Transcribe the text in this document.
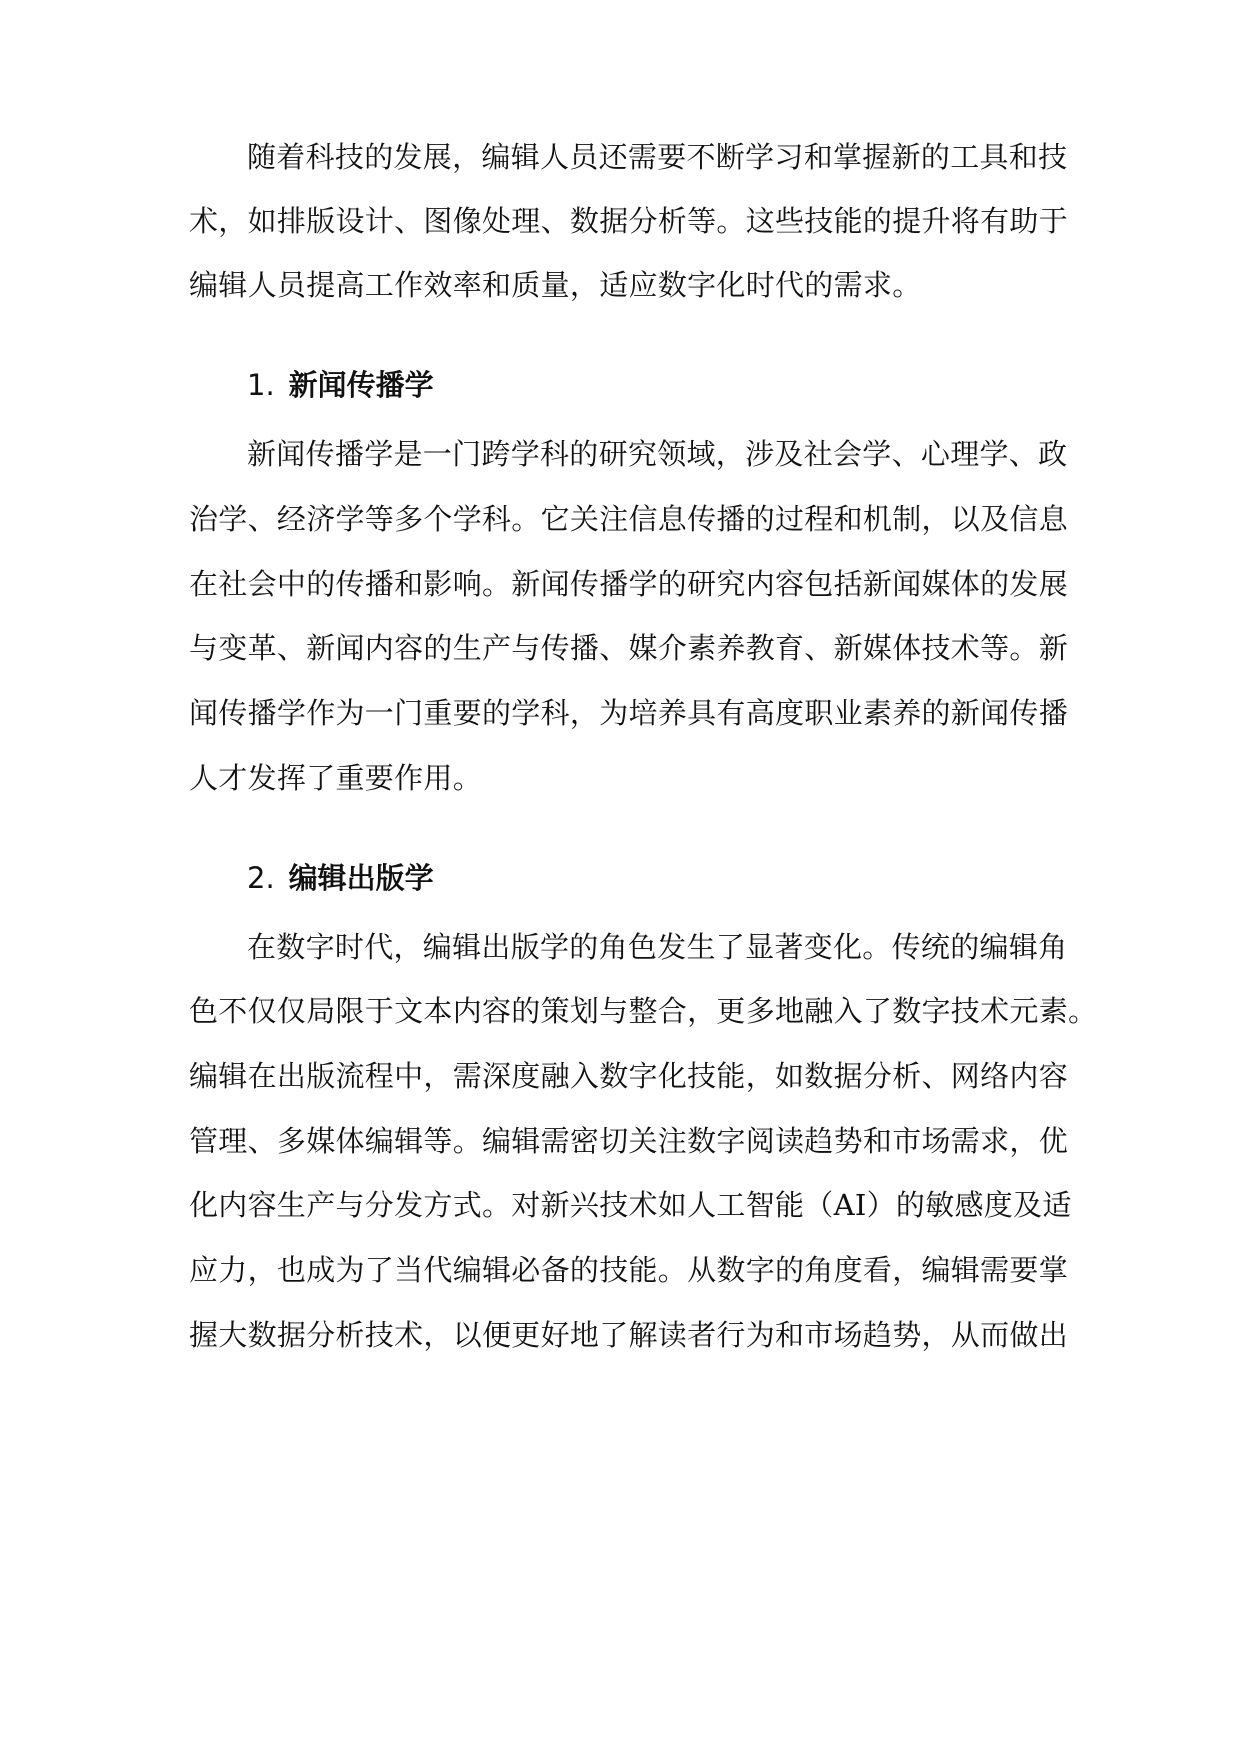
随着科技的发展，编辑人员还需要不断学习和掌握新的工具和技
术，如排版设计、图像处理、数据分析等。这些技能的提升将有助于
编辑人员提高工作效率和质量，适应数字化时代的需求。
1. 新闻传播学
新闻传播学是一门跨学科的研究领域，涉及社会学、心理学、政
治学、经济学等多个学科。它关注信息传播的过程和机制，以及信息
在社会中的传播和影响。新闻传播学的研究内容包括新闻媒体的发展
与变革、新闻内容的生产与传播、媒介素养教育、新媒体技术等。新
闻传播学作为一门重要的学科，为培养具有高度职业素养的新闻传播
人才发挥了重要作用。
2. 编辑出版学
在数字时代，编辑出版学的角色发生了显著变化。传统的编辑角
色不仅仅局限于文本内容的策划与整合，更多地融入了数字技术元素。
编辑在出版流程中，需深度融入数字化技能，如数据分析、网络内容
管理、多媒体编辑等。编辑需密切关注数字阅读趋势和市场需求，优
化内容生产与分发方式。对新兴技术如人工智能（AI）的敏感度及适
应力，也成为了当代编辑必备的技能。从数字的角度看，编辑需要掌
握大数据分析技术，以便更好地了解读者行为和市场趋势，从而做出
